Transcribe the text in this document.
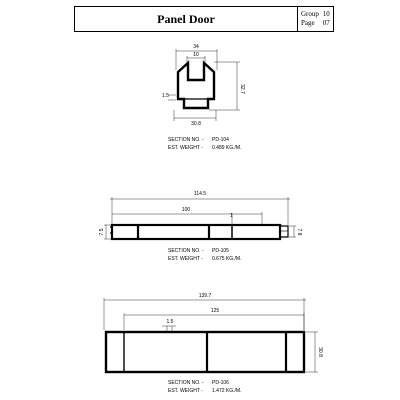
Panel Door	Group 10
Page 07
34
10
32.7
1.5
30.8
114.5
100
1
7.5	7.8
139.7
125
1.5
30.8
SECTION NO. - PD-104
EST. WEIGHT - 0.489 KG./M.
SECTION NO. - PD-105
EST. WEIGHT - 0.675 KG./M.
SECTION NO. - PD-106
EST. WEIGHT - 1.472 KG./M.
